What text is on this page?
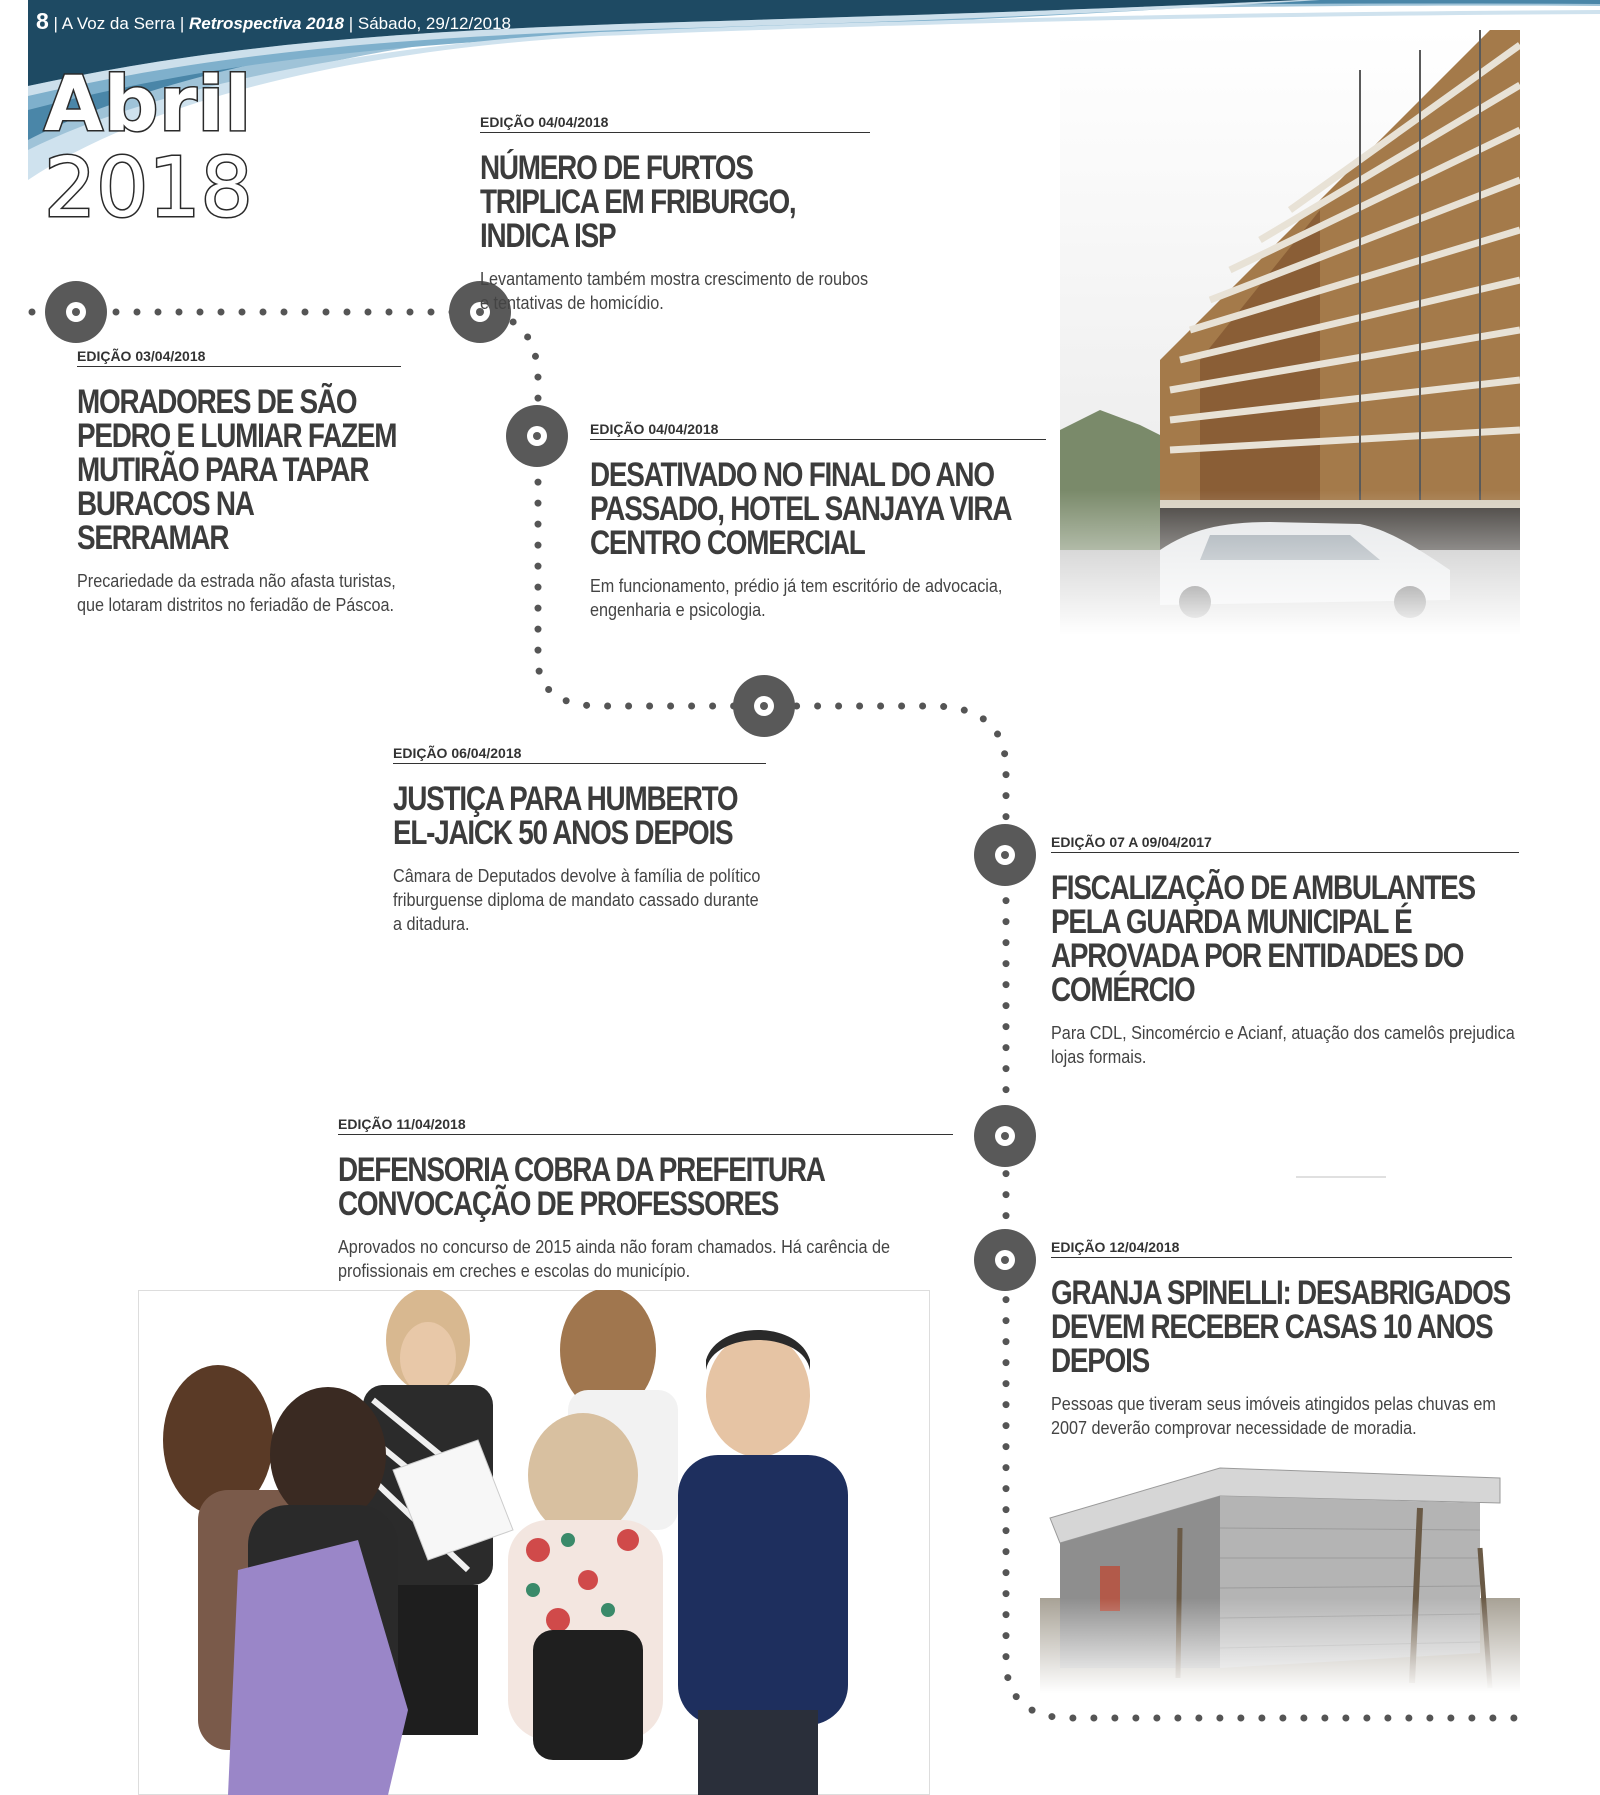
8 | A Voz da Serra | Retrospectiva 2018 | Sábado, 29/12/2018
Abril
2018
EDIÇÃO 04/04/2018
NÚMERO DE FURTOS TRIPLICA EM FRIBURGO, INDICA ISP
Levantamento também mostra crescimento de roubos e tentativas de homicídio.
EDIÇÃO 03/04/2018
MORADORES DE SÃO PEDRO E LUMIAR FAZEM MUTIRÃO PARA TAPAR BURACOS NA SERRAMAR
Precariedade da estrada não afasta turistas, que lotaram distritos no feriadão de Páscoa.
EDIÇÃO 04/04/2018
DESATIVADO NO FINAL DO ANO PASSADO, HOTEL SANJAYA VIRA CENTRO COMERCIAL
Em funcionamento, prédio já tem escritório de advocacia, engenharia e psicologia.
EDIÇÃO 06/04/2018
JUSTIÇA PARA HUMBERTO EL-JAICK 50 ANOS DEPOIS
Câmara de Deputados devolve à família de político friburguense diploma de mandato cassado durante a ditadura.
EDIÇÃO 07 A 09/04/2017
FISCALIZAÇÃO DE AMBULANTES PELA GUARDA MUNICIPAL É APROVADA POR ENTIDADES DO COMÉRCIO
Para CDL, Sincomércio e Acianf, atuação dos camelôs prejudica lojas formais.
EDIÇÃO 11/04/2018
DEFENSORIA COBRA DA PREFEITURA CONVOCAÇÃO DE PROFESSORES
Aprovados no concurso de 2015 ainda não foram chamados. Há carência de profissionais em creches e escolas do município.
EDIÇÃO 12/04/2018
GRANJA SPINELLI: DESABRIGADOS DEVEM RECEBER CASAS 10 ANOS DEPOIS
Pessoas que tiveram seus imóveis atingidos pelas chuvas em 2007 deverão comprovar necessidade de moradia.
